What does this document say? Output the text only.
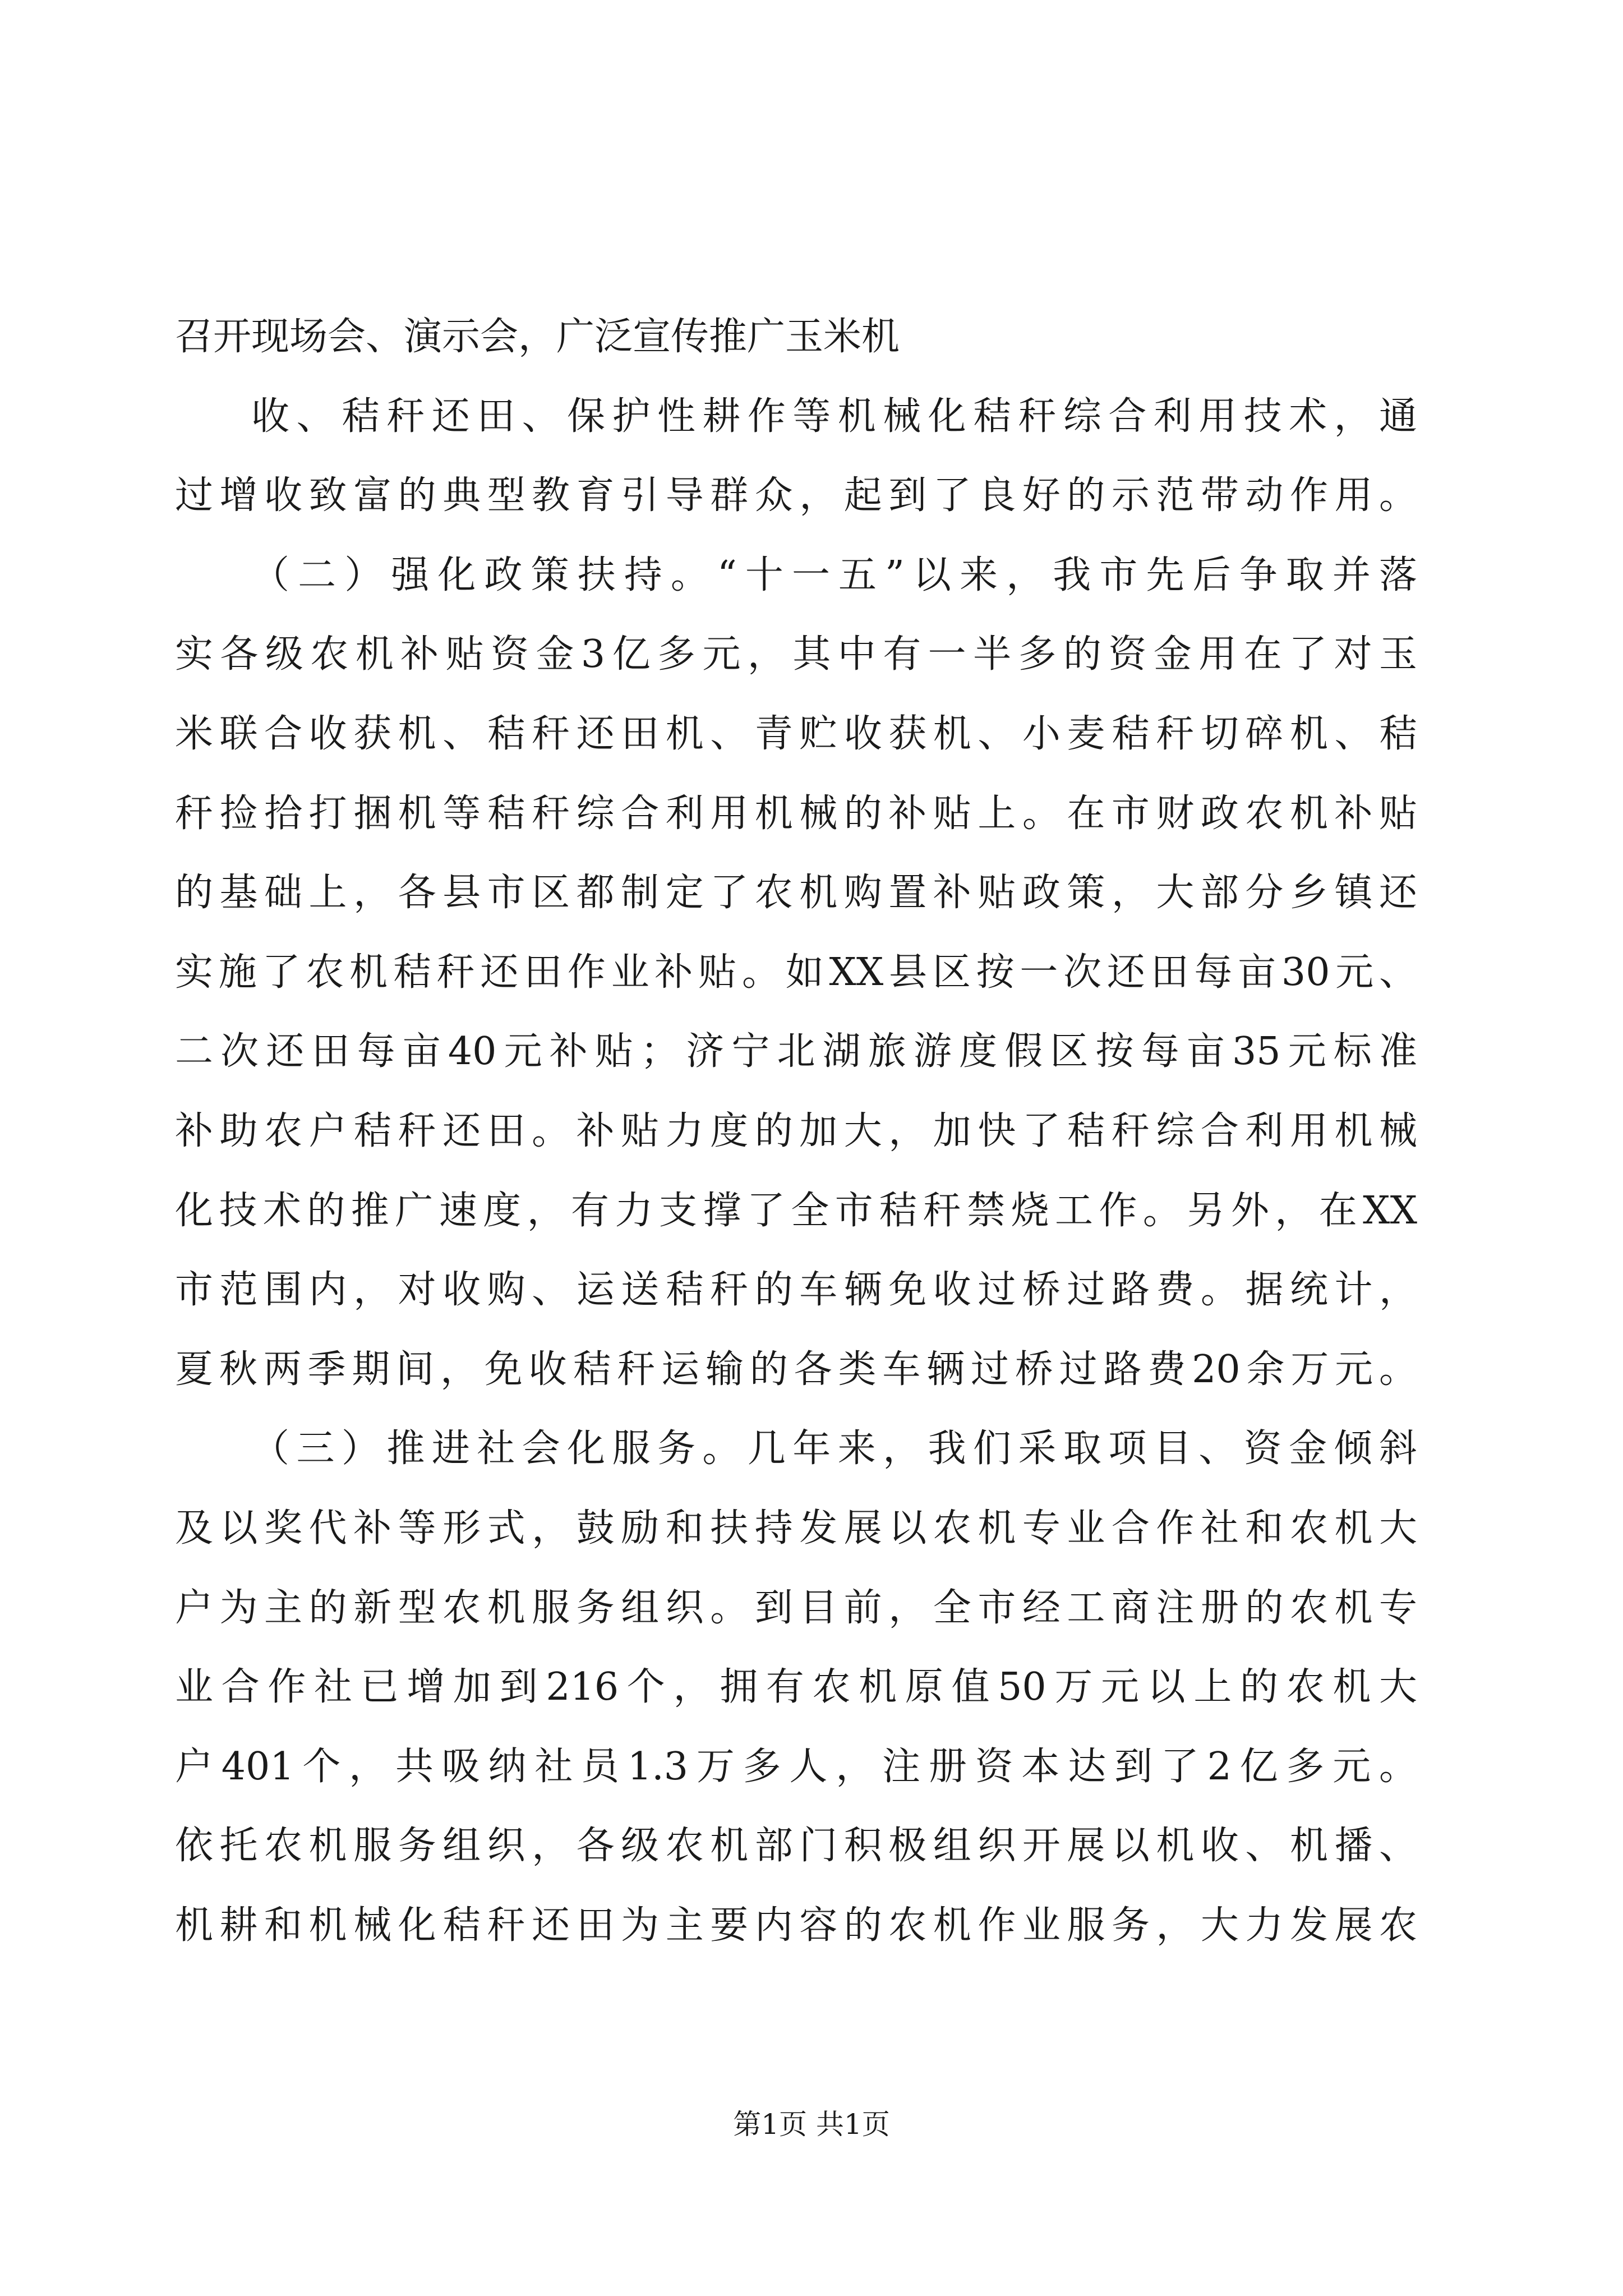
召开现场会、演示会，广泛宣传推广玉米机
收、秸秆还田、保护性耕作等机械化秸秆综合利用技术，通
过增收致富的典型教育引导群众，起到了良好的示范带动作用。
（二）强化政策扶持。“十一五”以来，我市先后争取并落
实各级农机补贴资金3亿多元，其中有一半多的资金用在了对玉
米联合收获机、秸秆还田机、青贮收获机、小麦秸秆切碎机、秸
秆捡拾打捆机等秸秆综合利用机械的补贴上。在市财政农机补贴
的基础上，各县市区都制定了农机购置补贴政策，大部分乡镇还
实施了农机秸秆还田作业补贴。如XX县区按一次还田每亩30元、
二次还田每亩40元补贴；济宁北湖旅游度假区按每亩35元标准
补助农户秸秆还田。补贴力度的加大，加快了秸秆综合利用机械
化技术的推广速度，有力支撑了全市秸秆禁烧工作。另外，在XX
市范围内，对收购、运送秸秆的车辆免收过桥过路费。据统计，
夏秋两季期间，免收秸秆运输的各类车辆过桥过路费20余万元。
（三）推进社会化服务。几年来，我们采取项目、资金倾斜
及以奖代补等形式，鼓励和扶持发展以农机专业合作社和农机大
户为主的新型农机服务组织。到目前，全市经工商注册的农机专
业合作社已增加到216个，拥有农机原值50万元以上的农机大
户401个，共吸纳社员1.3万多人，注册资本达到了2亿多元。
依托农机服务组织，各级农机部门积极组织开展以机收、机播、
机耕和机械化秸秆还田为主要内容的农机作业服务，大力发展农
第1页 共1页
